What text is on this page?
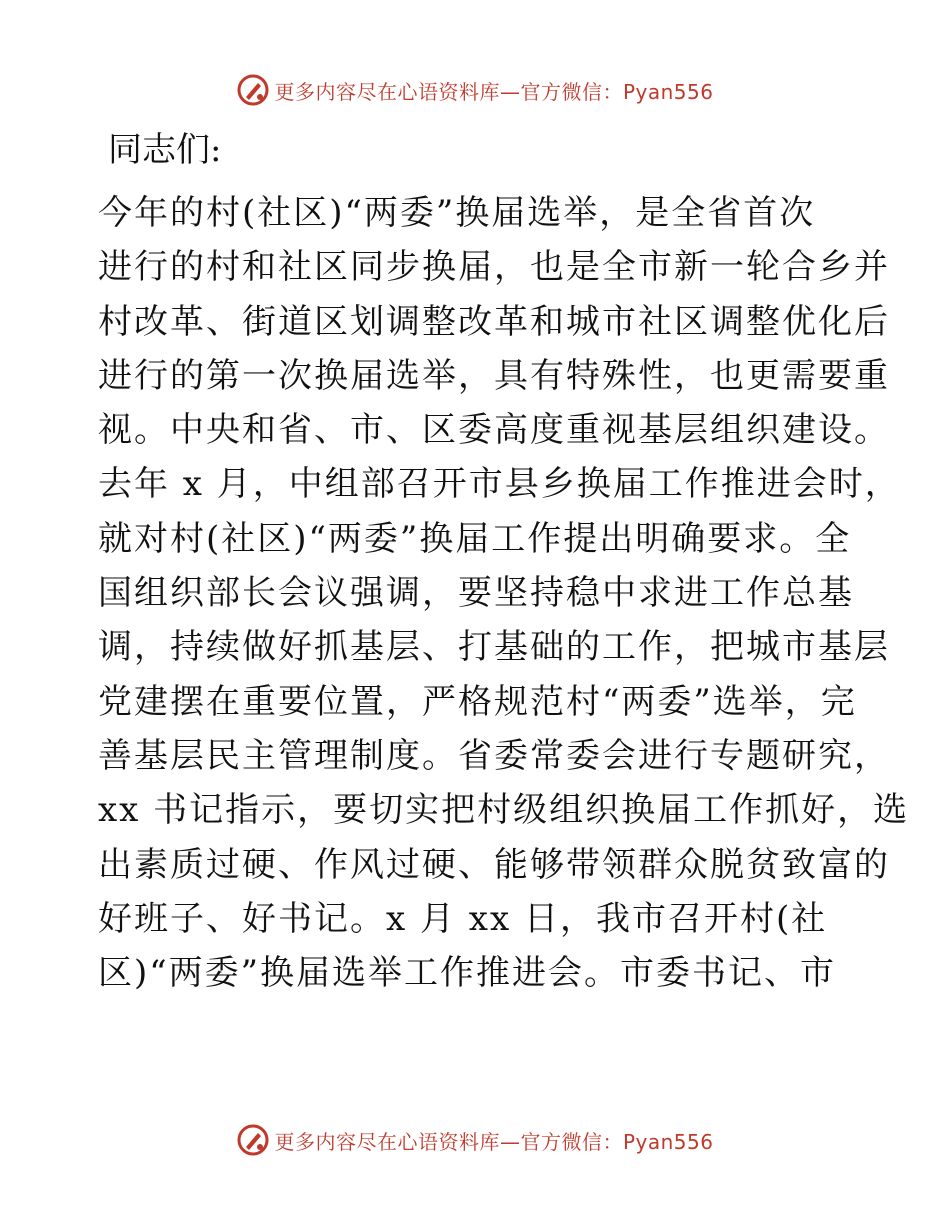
更多内容尽在心语资料库—官方微信：Pyan556
同志们:
今年的村(社区)“两委”换届选举，是全省首次
进行的村和社区同步换届，也是全市新一轮合乡并
村改革、街道区划调整改革和城市社区调整优化后
进行的第一次换届选举，具有特殊性，也更需要重
视。中央和省、市、区委高度重视基层组织建设。
去年 x 月，中组部召开市县乡换届工作推进会时，
就对村(社区)“两委”换届工作提出明确要求。全
国组织部长会议强调，要坚持稳中求进工作总基
调，持续做好抓基层、打基础的工作，把城市基层
党建摆在重要位置，严格规范村“两委”选举，完
善基层民主管理制度。省委常委会进行专题研究，
xx 书记指示，要切实把村级组织换届工作抓好，选
出素质过硬、作风过硬、能够带领群众脱贫致富的
好班子、好书记。x 月 xx 日，我市召开村(社
区)“两委”换届选举工作推进会。市委书记、市
更多内容尽在心语资料库—官方微信：Pyan556
